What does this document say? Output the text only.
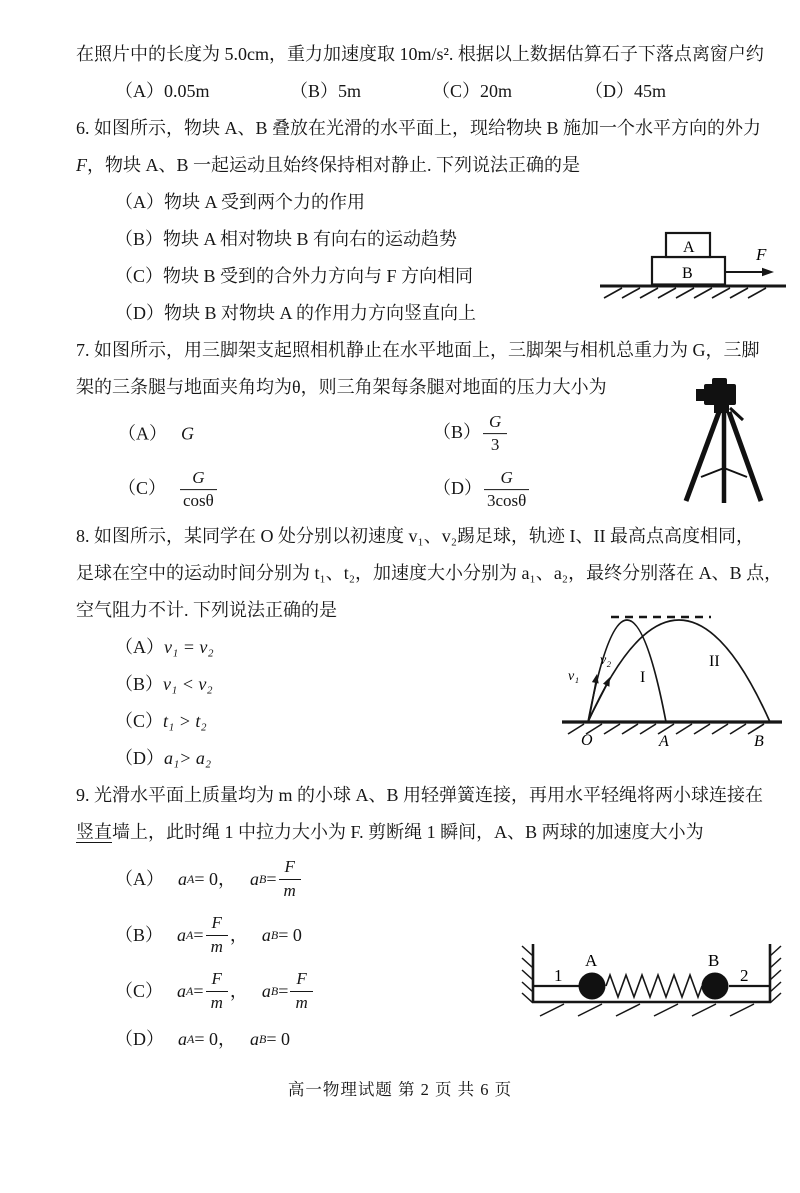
在照片中的长度为 5.0cm，重力加速度取 10m/s². 根据以上数据估算石子下落点离窗户约
（A）0.05m	（B）5m	（C）20m	（D）45m
6. 如图所示，物块 A、B 叠放在光滑的水平面上，现给物块 B 施加一个水平方向的外力
F，物块 A、B 一起运动且始终保持相对静止. 下列说法正确的是
（A）物块 A 受到两个力的作用
（B）物块 A 相对物块 B 有向右的运动趋势
（C）物块 B 受到的合外力方向与 F 方向相同
（D）物块 B 对物块 A 的作用力方向竖直向上
7. 如图所示，用三脚架支起照相机静止在水平地面上，三脚架与相机总重力为 G，三脚
架的三条腿与地面夹角均为θ，则三角架每条腿对地面的压力大小为
（A） G	$(B) \frac{G}{3}$
$(C) \frac{G}{\cos\theta}$	$(D) \frac{G}{3\cos\theta}$
8. 如图所示，某同学在 O 处分别以初速度 v₁、v₂踢足球，轨迹 I、II 最高点高度相同，
足球在空中的运动时间分别为 t₁、t₂，加速度大小分别为 a₁、a₂，最终分别落在 A、B 点，
空气阻力不计. 下列说法正确的是
（A）v₁ = v₂
（B）v₁ < v₂
（C）t₁ > t₂
（D）a₁> a₂
9. 光滑水平面上质量均为 m 的小球 A、B 用轻弹簧连接，再用水平轻绳将两小球连接在
竖直墙上，此时绳 1 中拉力大小为 F. 剪断绳 1 瞬间，A、B 两球的加速度大小为
（A） a A = 0 ， a $B = \frac{F}{m}$
（B） a $A = \frac{F}{m}$ ， a B = 0
（C） a $A = \frac{F}{m}$ ， a $B = \frac{F}{m}$
（D） a A = 0 ， a B = 0
A
B
F
v₁
v₂
I
II
O	A	B
1
A	B
2
高一物理试题 第 2 页 共 6 页
